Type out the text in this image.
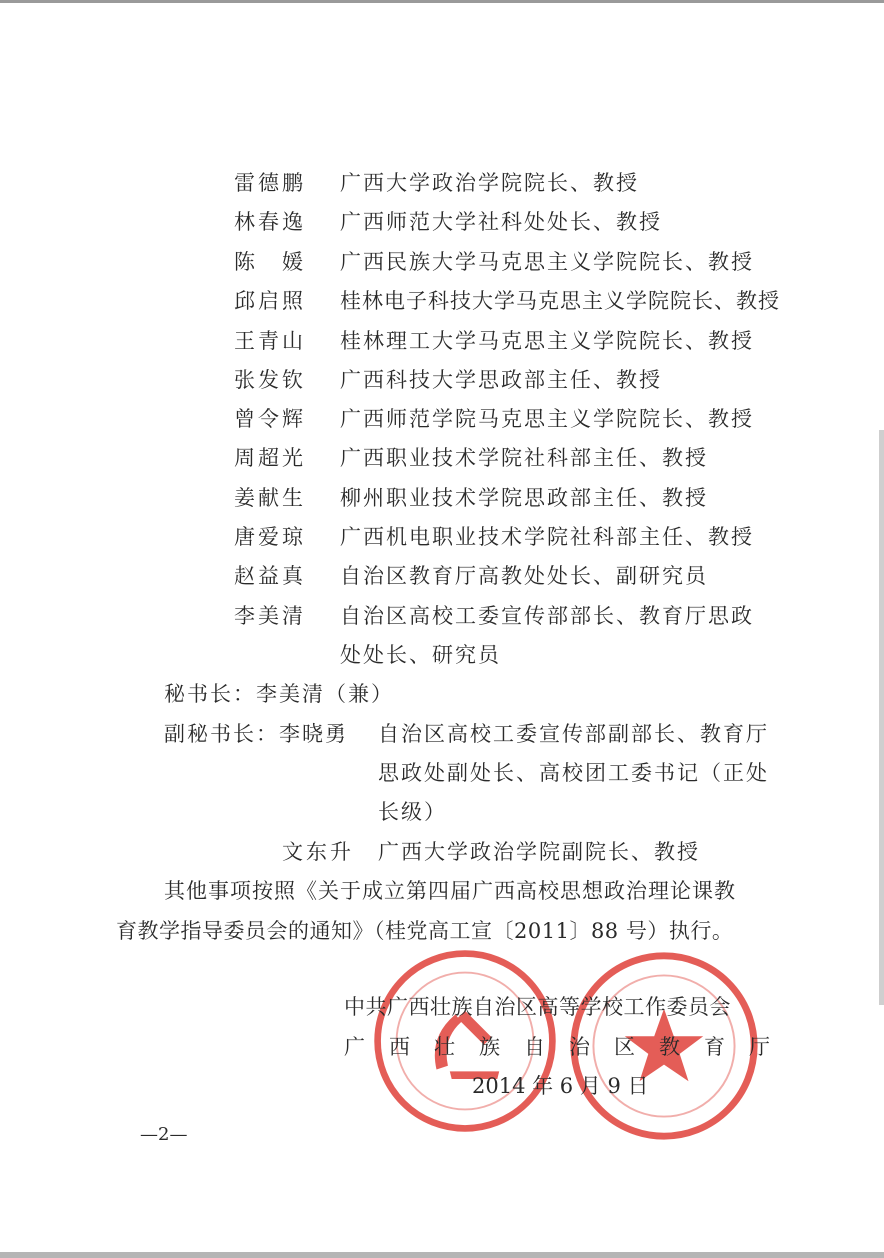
雷德鹏 广西大学政治学院院长、教授
林春逸 广西师范大学社科处处长、教授
陈　媛 广西民族大学马克思主义学院院长、教授
邱启照 桂林电子科技大学马克思主义学院院长、教授
王青山 桂林理工大学马克思主义学院院长、教授
张发钦 广西科技大学思政部主任、教授
曾令辉 广西师范学院马克思主义学院院长、教授
周超光 广西职业技术学院社科部主任、教授
姜献生 柳州职业技术学院思政部主任、教授
唐爱琼 广西机电职业技术学院社科部主任、教授
赵益真 自治区教育厅高教处处长、副研究员
李美清 自治区高校工委宣传部部长、教育厅思政
处处长、研究员
秘书长：李美清（兼）
副秘书长：李晓勇 自治区高校工委宣传部副部长、教育厅
思政处副处长、高校团工委书记（正处
长级）
文东升 广西大学政治学院副院长、教授
其他事项按照《关于成立第四届广西高校思想政治理论课教
育教学指导委员会的通知》（桂党高工宣〔2011〕88 号）执行。
中共广西壮族自治区高等学校工作委员会
广 西 壮 族 自 治 区 教 育 厅
2014 年 6 月 9 日
—2—
